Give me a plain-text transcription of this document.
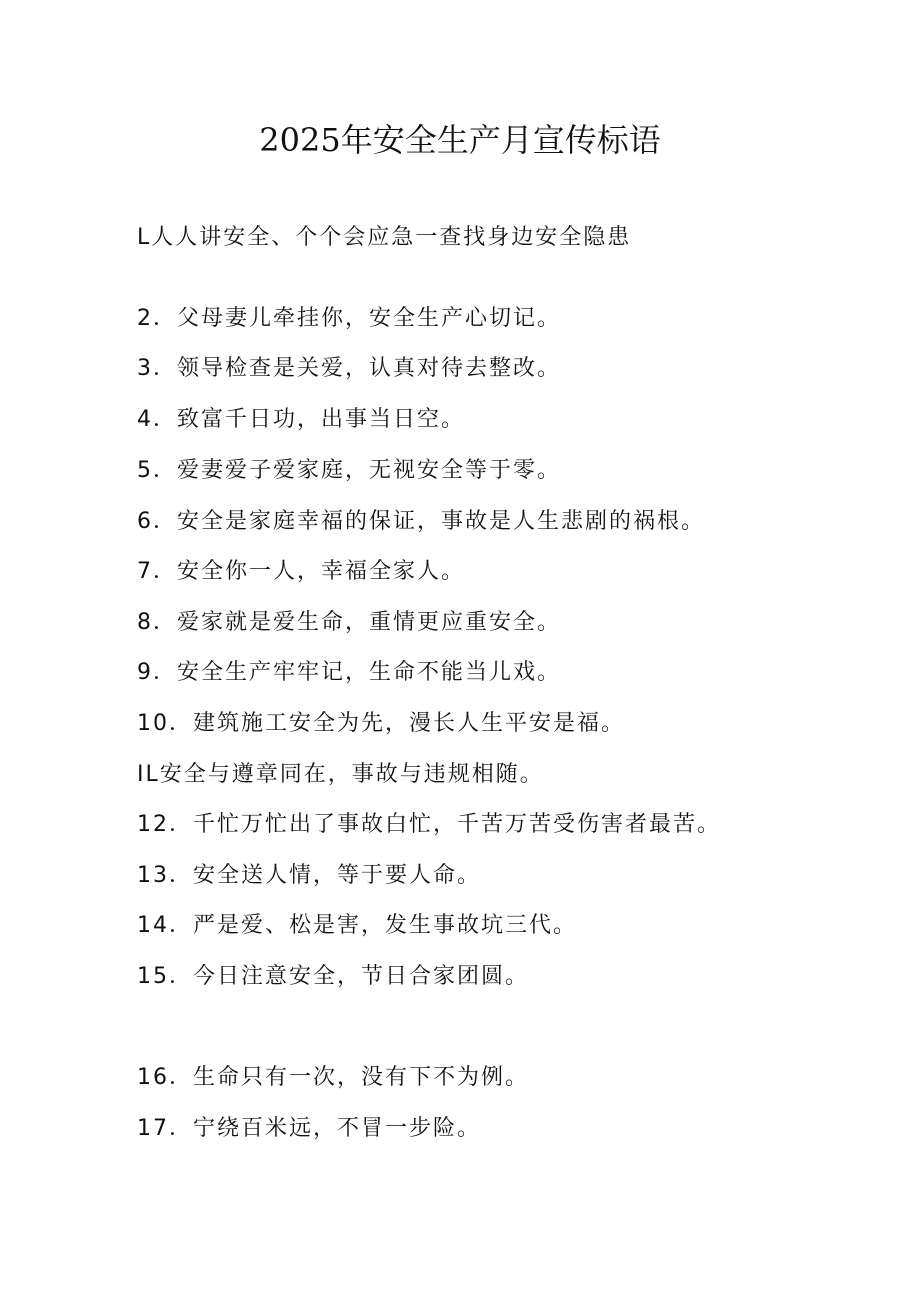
2025年安全生产月宣传标语
L人人讲安全、个个会应急一查找身边安全隐患
2．父母妻儿牵挂你，安全生产心切记。
3．领导检查是关爱，认真对待去整改。
4．致富千日功，出事当日空。
5．爱妻爱子爱家庭，无视安全等于零。
6．安全是家庭幸福的保证，事故是人生悲剧的祸根。
7．安全你一人，幸福全家人。
8．爱家就是爱生命，重情更应重安全。
9．安全生产牢牢记，生命不能当儿戏。
10．建筑施工安全为先，漫长人生平安是福。
IL安全与遵章同在，事故与违规相随。
12．千忙万忙出了事故白忙，千苦万苦受伤害者最苦。
13．安全送人情，等于要人命。
14．严是爱、松是害，发生事故坑三代。
15．今日注意安全，节日合家团圆。
16．生命只有一次，没有下不为例。
17．宁绕百米远，不冒一步险。
